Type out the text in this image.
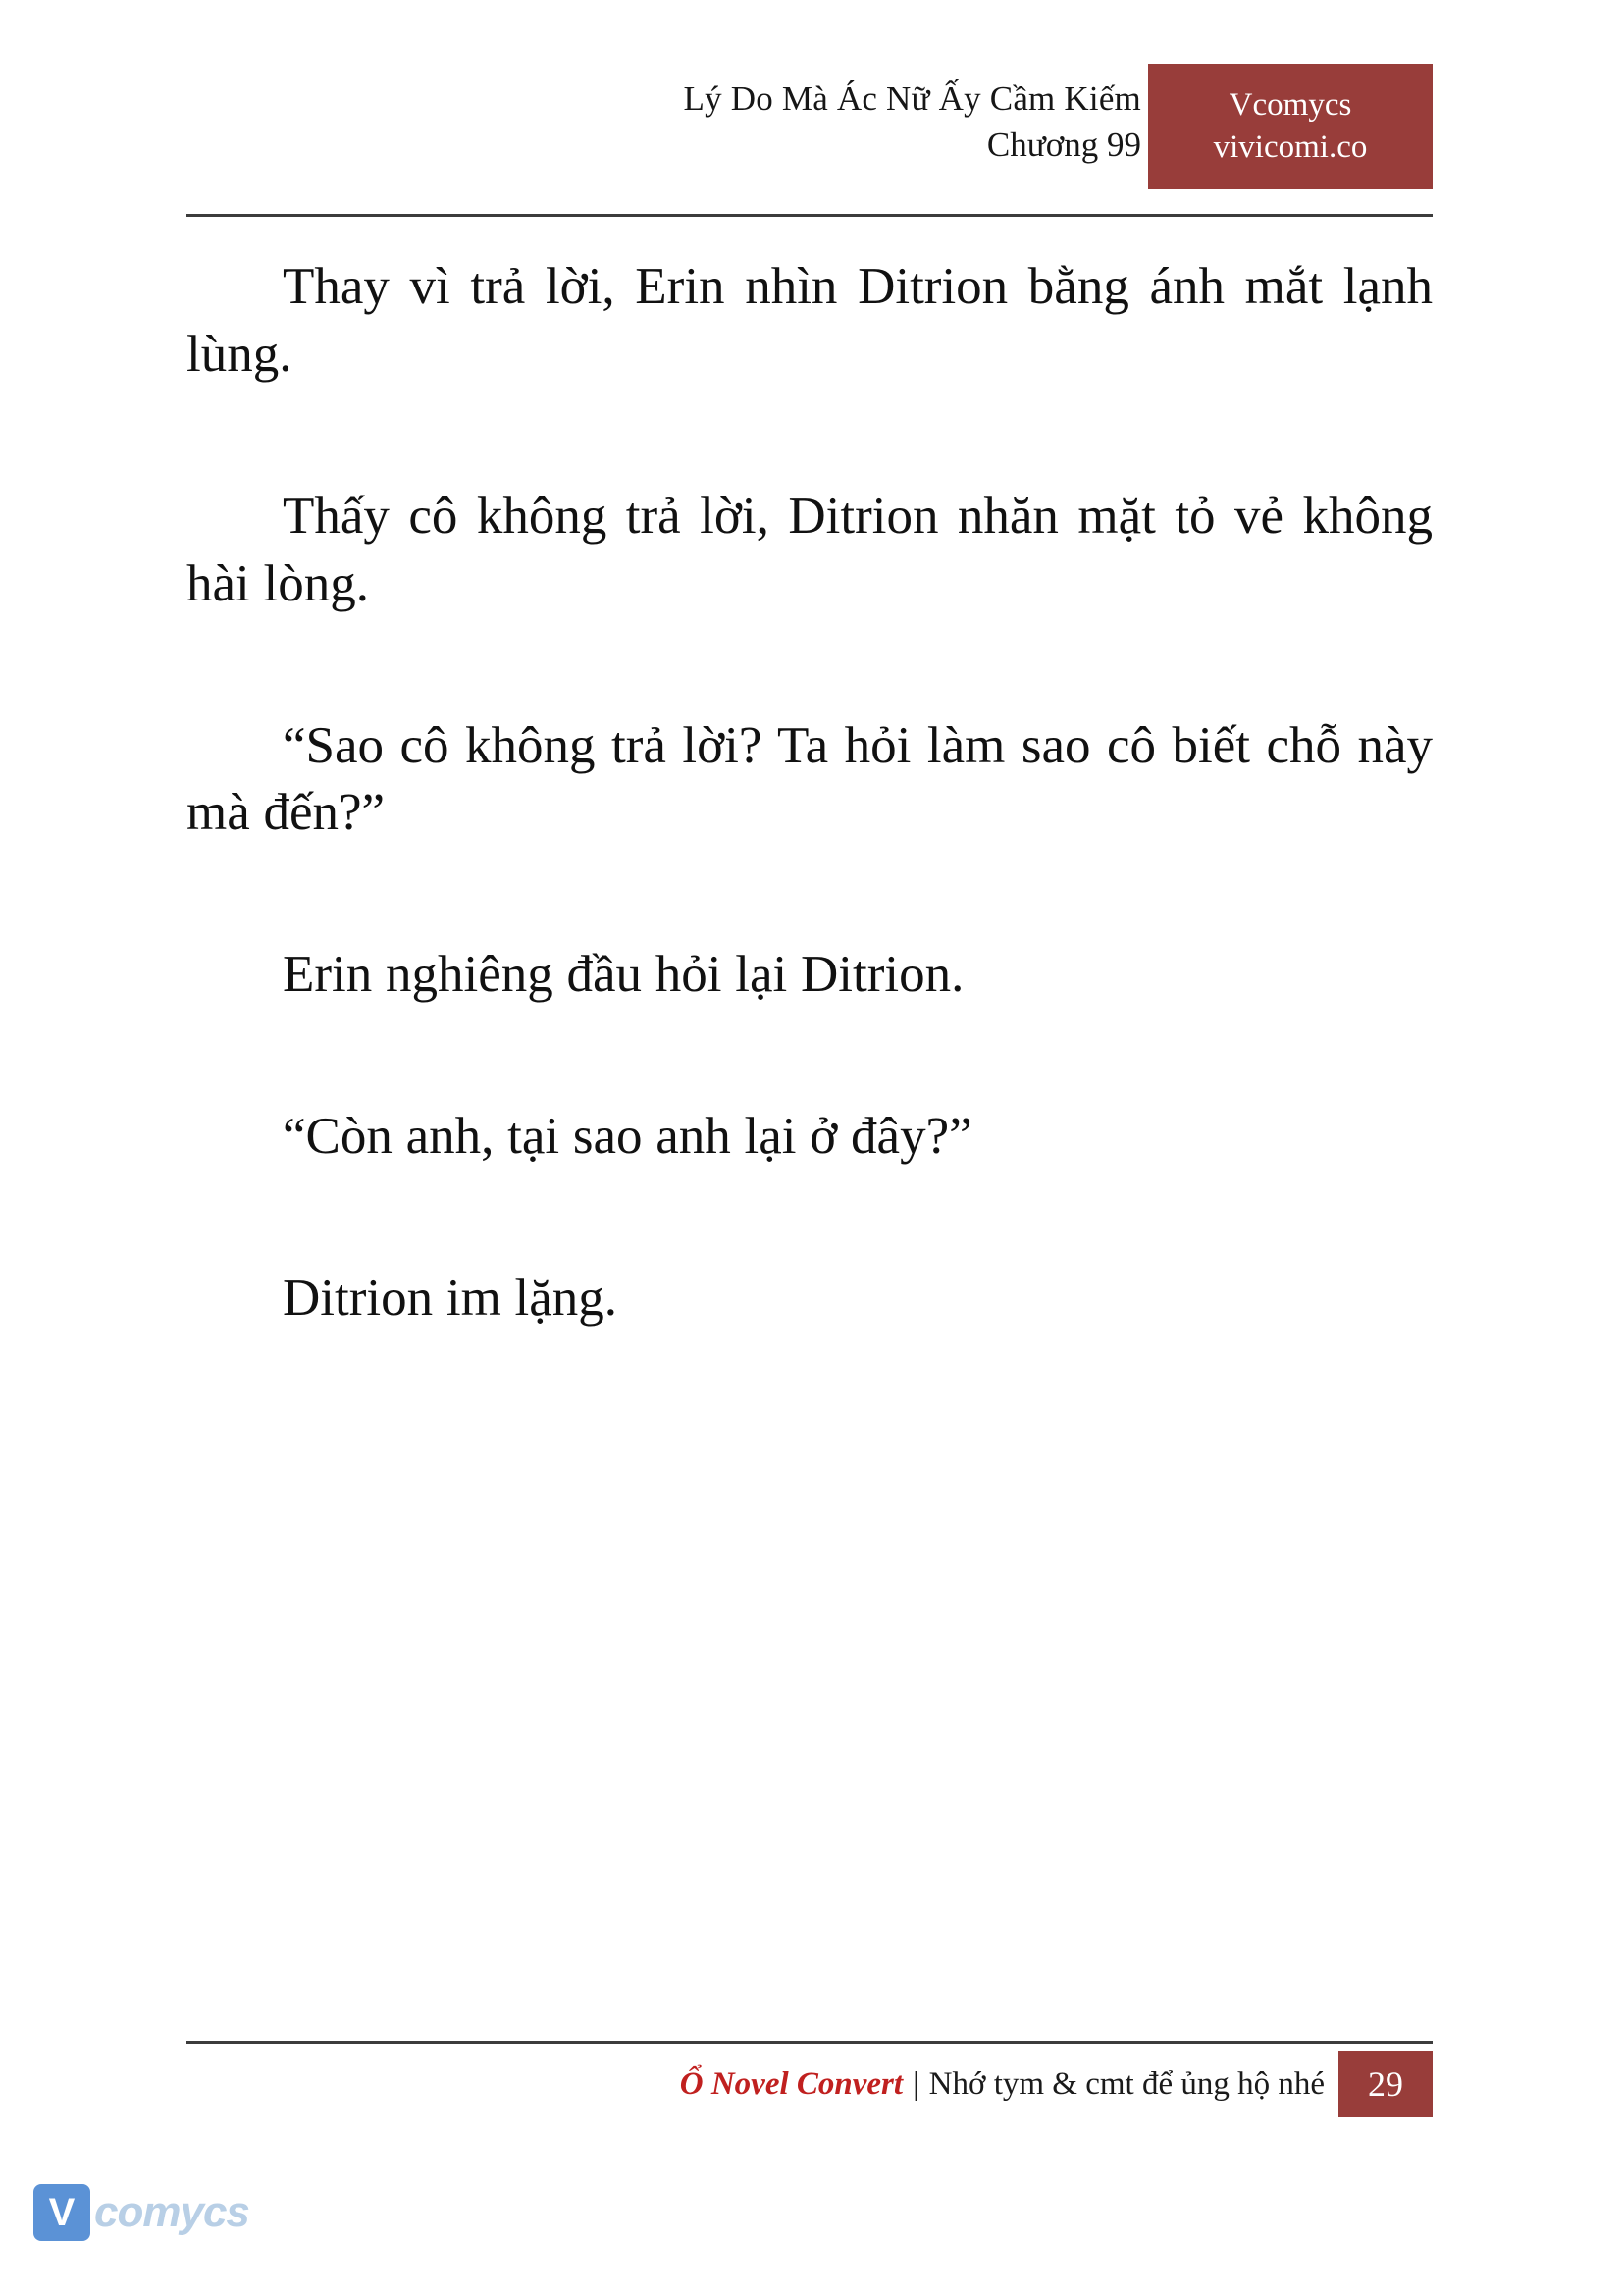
Lý Do Mà Ác Nữ Ấy Cầm Kiếm
Chương 99
Vcomycs
vivicomi.co

Thay vì trả lời, Erin nhìn Ditrion bằng ánh mắt lạnh lùng.

Thấy cô không trả lời, Ditrion nhăn mặt tỏ vẻ không hài lòng.

“Sao cô không trả lời? Ta hỏi làm sao cô biết chỗ này mà đến?”

Erin nghiêng đầu hỏi lại Ditrion.

“Còn anh, tại sao anh lại ở đây?”

Ditrion im lặng.

Ổ Novel Convert | Nhớ tym & cmt để ủng hộ nhé	29
V comycs
